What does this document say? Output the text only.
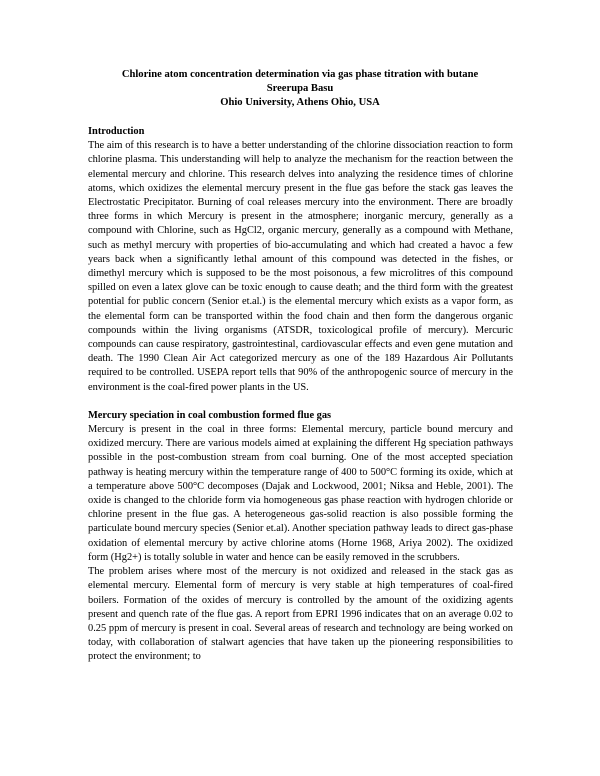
Chlorine atom concentration determination via gas phase titration with butane
Sreerupa Basu
Ohio University, Athens Ohio, USA

Introduction

The aim of this research is to have a better understanding of the chlorine dissociation reaction to form chlorine plasma. This understanding will help to analyze the mechanism for the reaction between the elemental mercury and chlorine. This research delves into analyzing the residence times of chlorine atoms, which oxidizes the elemental mercury present in the flue gas before the stack gas leaves the Electrostatic Precipitator. Burning of coal releases mercury into the environment. There are broadly three forms in which Mercury is present in the atmosphere; inorganic mercury, generally as a compound with Chlorine, such as HgCl2, organic mercury, generally as a compound with Methane, such as methyl mercury with properties of bio-accumulating and which had created a havoc a few years back when a significantly lethal amount of this compound was detected in the fishes, or dimethyl mercury which is supposed to be the most poisonous, a few microlitres of this compound spilled on even a latex glove can be toxic enough to cause death; and the third form with the greatest potential for public concern (Senior et.al.) is the elemental mercury which exists as a vapor form, as the elemental form can be transported within the food chain and then form the dangerous organic compounds within the living organisms (ATSDR, toxicological profile of mercury). Mercuric compounds can cause respiratory, gastrointestinal, cardiovascular effects and even gene mutation and death. The 1990 Clean Air Act categorized mercury as one of the 189 Hazardous Air Pollutants required to be controlled. USEPA report tells that 90% of the anthropogenic source of mercury in the environment is the coal-fired power plants in the US.

Mercury speciation in coal combustion formed flue gas

Mercury is present in the coal in three forms: Elemental mercury, particle bound mercury and oxidized mercury. There are various models aimed at explaining the different Hg speciation pathways possible in the post-combustion stream from coal burning. One of the most accepted speciation pathway is heating mercury within the temperature range of 400 to 500°C forming its oxide, which at a temperature above 500°C decomposes (Dajak and Lockwood, 2001; Niksa and Heble, 2001). The oxide is changed to the chloride form via homogeneous gas phase reaction with hydrogen chloride or chlorine present in the flue gas. A heterogeneous gas-solid reaction is also possible forming the particulate bound mercury species (Senior et.al). Another speciation pathway leads to direct gas-phase oxidation of elemental mercury by active chlorine atoms (Horne 1968, Ariya 2002). The oxidized form (Hg2+) is totally soluble in water and hence can be easily removed in the scrubbers.

The problem arises where most of the mercury is not oxidized and released in the stack gas as elemental mercury. Elemental form of mercury is very stable at high temperatures of coal-fired boilers. Formation of the oxides of mercury is controlled by the amount of the oxidizing agents present and quench rate of the flue gas. A report from EPRI 1996 indicates that on an average 0.02 to 0.25 ppm of mercury is present in coal. Several areas of research and technology are being worked on today, with collaboration of stalwart agencies that have taken up the pioneering responsibilities to protect the environment; to
